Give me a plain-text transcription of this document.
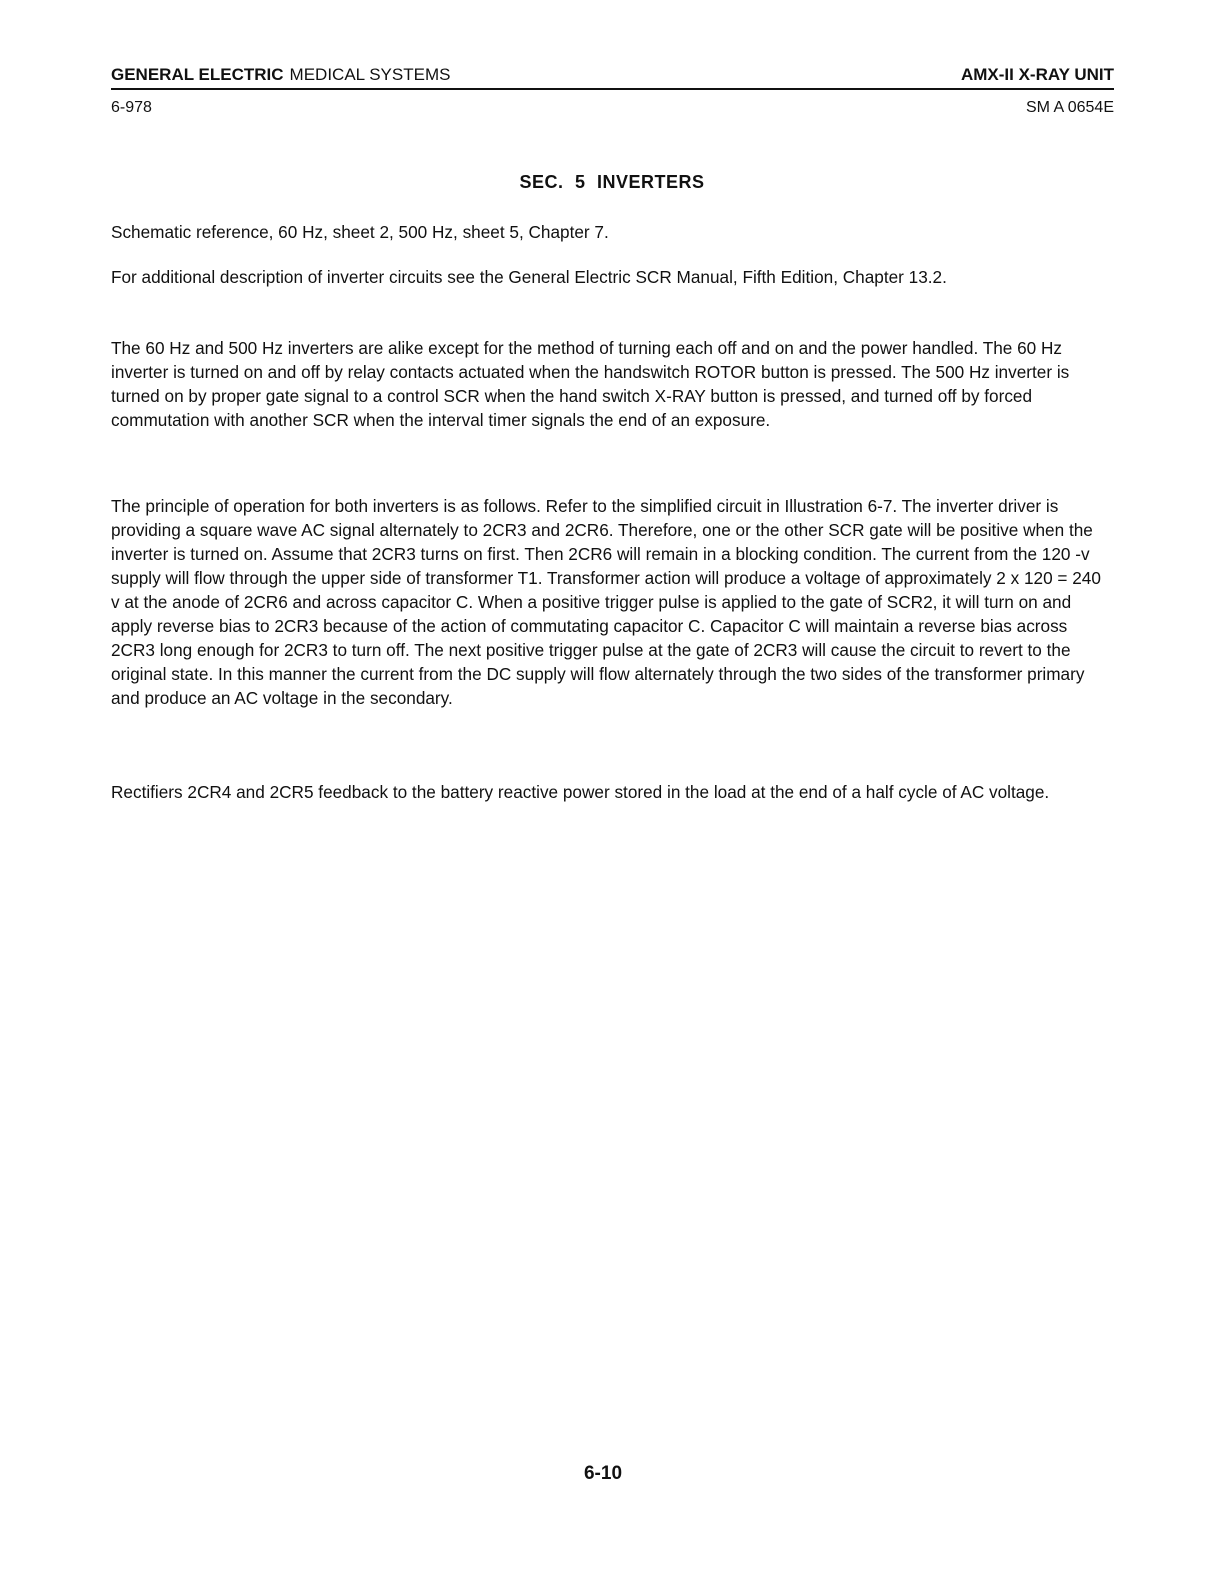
GENERAL ELECTRIC MEDICAL SYSTEMS	AMX-II X-RAY UNIT
6-978	SM A 0654E
SEC. 5 INVERTERS

Schematic reference, 60 Hz, sheet 2, 500 Hz, sheet 5, Chapter 7.

For additional description of inverter circuits see the General Electric SCR Manual, Fifth Edition, Chapter 13.2.

The 60 Hz and 500 Hz inverters are alike except for the method of turning each off and on and the power handled. The 60 Hz inverter is turned on and off by relay contacts actuated when the handswitch ROTOR button is pressed. The 500 Hz inverter is turned on by proper gate signal to a control SCR when the hand switch X-RAY button is pressed, and turned off by forced commutation with another SCR when the interval timer signals the end of an exposure.

The principle of operation for both inverters is as follows. Refer to the simplified circuit in Illustration 6-7. The inverter driver is providing a square wave AC signal alternately to 2CR3 and 2CR6. Therefore, one or the other SCR gate will be positive when the inverter is turned on. Assume that 2CR3 turns on first. Then 2CR6 will remain in a blocking condition. The current from the 120 -v supply will flow through the upper side of transformer T1. Transformer action will produce a voltage of approximately 2 x 120 = 240 v at the anode of 2CR6 and across capacitor C. When a positive trigger pulse is applied to the gate of SCR2, it will turn on and apply reverse bias to 2CR3 because of the action of commutating capacitor C. Capacitor C will maintain a reverse bias across 2CR3 long enough for 2CR3 to turn off. The next positive trigger pulse at the gate of 2CR3 will cause the circuit to revert to the original state. In this manner the current from the DC supply will flow alternately through the two sides of the transformer primary and produce an AC voltage in the secondary.

Rectifiers 2CR4 and 2CR5 feedback to the battery reactive power stored in the load at the end of a half cycle of AC voltage.

6-10
